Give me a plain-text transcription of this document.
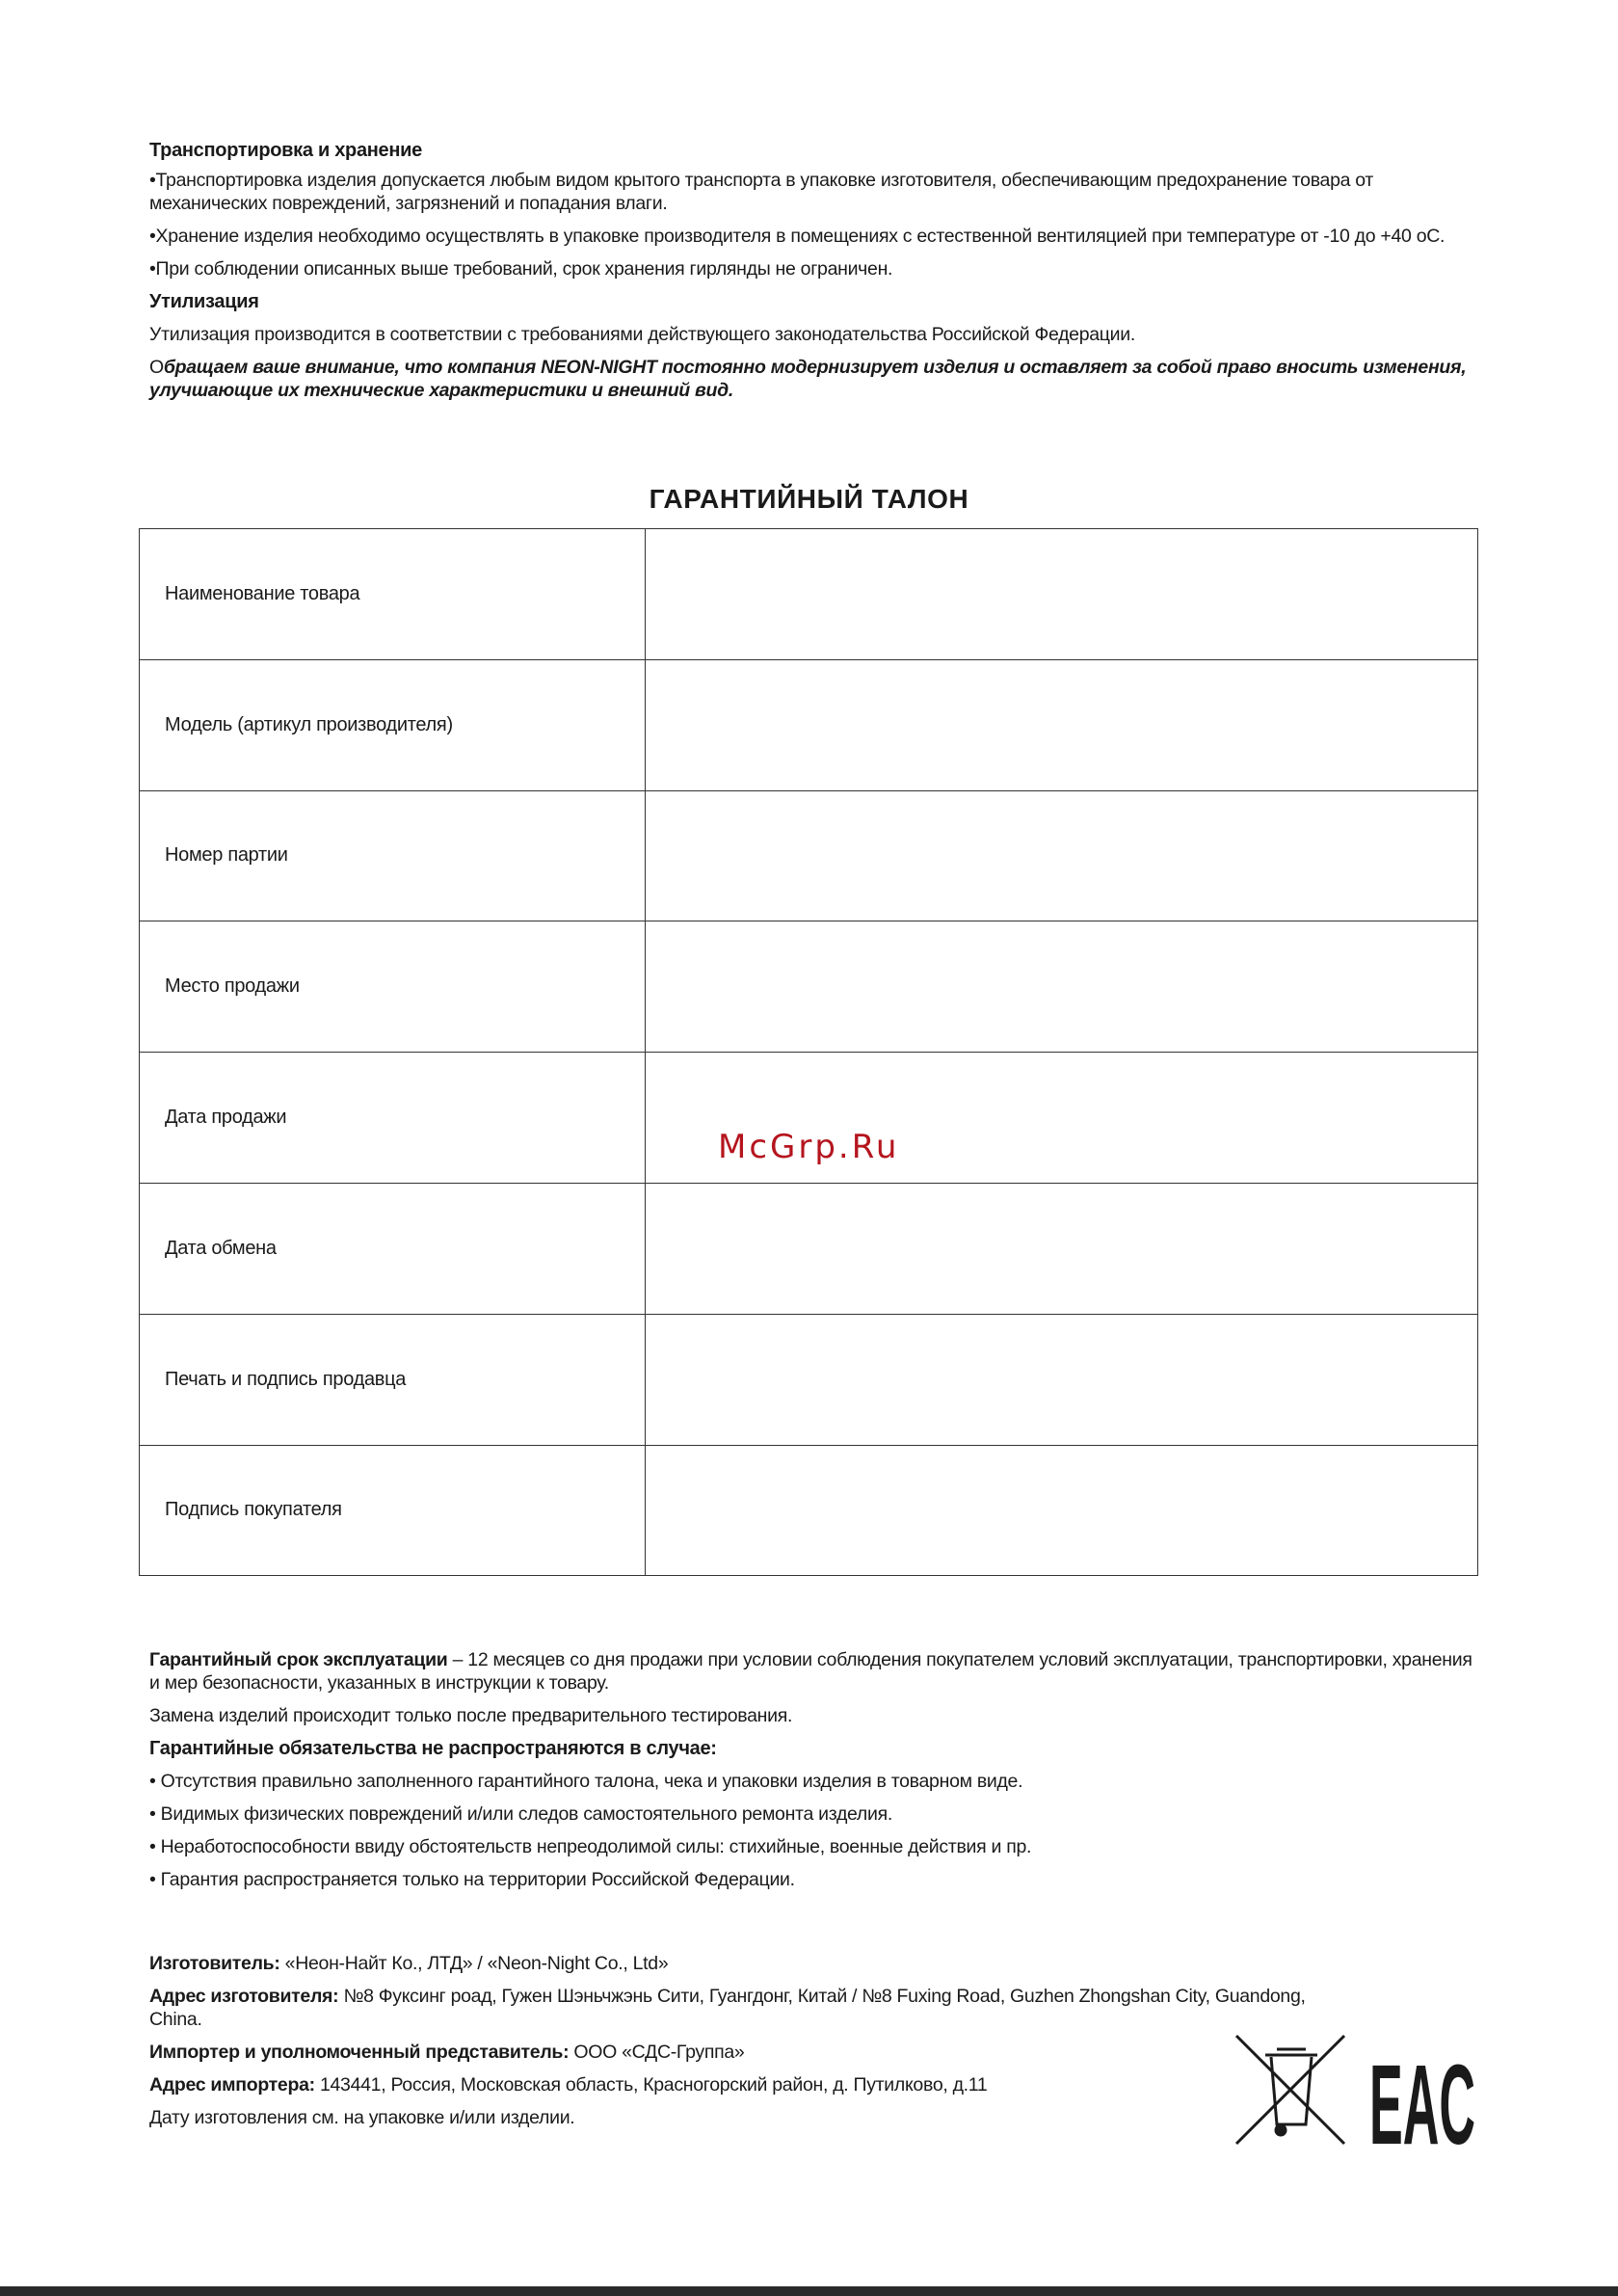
Транспортировка и хранение

•Транспортировка изделия допускается любым видом крытого транспорта в упаковке изготовителя, обеспечивающим предохранение товара от механических повреждений, загрязнений и попадания влаги.

•Хранение изделия необходимо осуществлять в упаковке производителя в помещениях с естественной вентиляцией при температуре от -10 до +40 оС.

•При соблюдении описанных выше требований, срок хранения гирлянды не ограничен.

Утилизация

Утилизация производится в соответствии с требованиями действующего законодательства Российской Федерации.

Обращаем ваше внимание, что компания NEON-NIGHT постоянно модернизирует изделия и оставляет за собой право вносить изменения, улучшающие их технические характеристики и внешний вид.

ГАРАНТИЙНЫЙ ТАЛОН
Наименование товара	
Модель (артикул производителя)	
Номер партии	
Место продажи	
Дата продажи	
Дата обмена	
Печать и подпись продавца	
Подпись покупателя	
McGrp.Ru

Гарантийный срок эксплуатации – 12 месяцев со дня продажи при условии соблюдения покупателем условий эксплуатации, транспортировки, хранения и мер безопасности, указанных в инструкции к товару.

Замена изделий происходит только после предварительного тестирования.

Гарантийные обязательства не распространяются в случае:

• Отсутствия правильно заполненного гарантийного талона, чека и упаковки изделия в товарном виде.

• Видимых физических повреждений и/или следов самостоятельного ремонта изделия.

• Неработоспособности ввиду обстоятельств непреодолимой силы: стихийные, военные действия и пр.

• Гарантия распространяется только на территории Российской Федерации.

Изготовитель: «Неон-Найт Ко., ЛТД» / «Neon-Night Co., Ltd»

Адрес изготовителя: №8 Фуксинг роад, Гужен Шэньчжэнь Сити, Гуангдонг, Китай / №8 Fuxing Road, Guzhen Zhongshan City, Guandong, China.

Импортер и уполномоченный представитель: ООО «СДС-Группа»

Адрес импортера: 143441, Россия, Московская область, Красногорский район, д. Путилково, д.11

Дату изготовления см. на упаковке и/или изделии.	EAC
